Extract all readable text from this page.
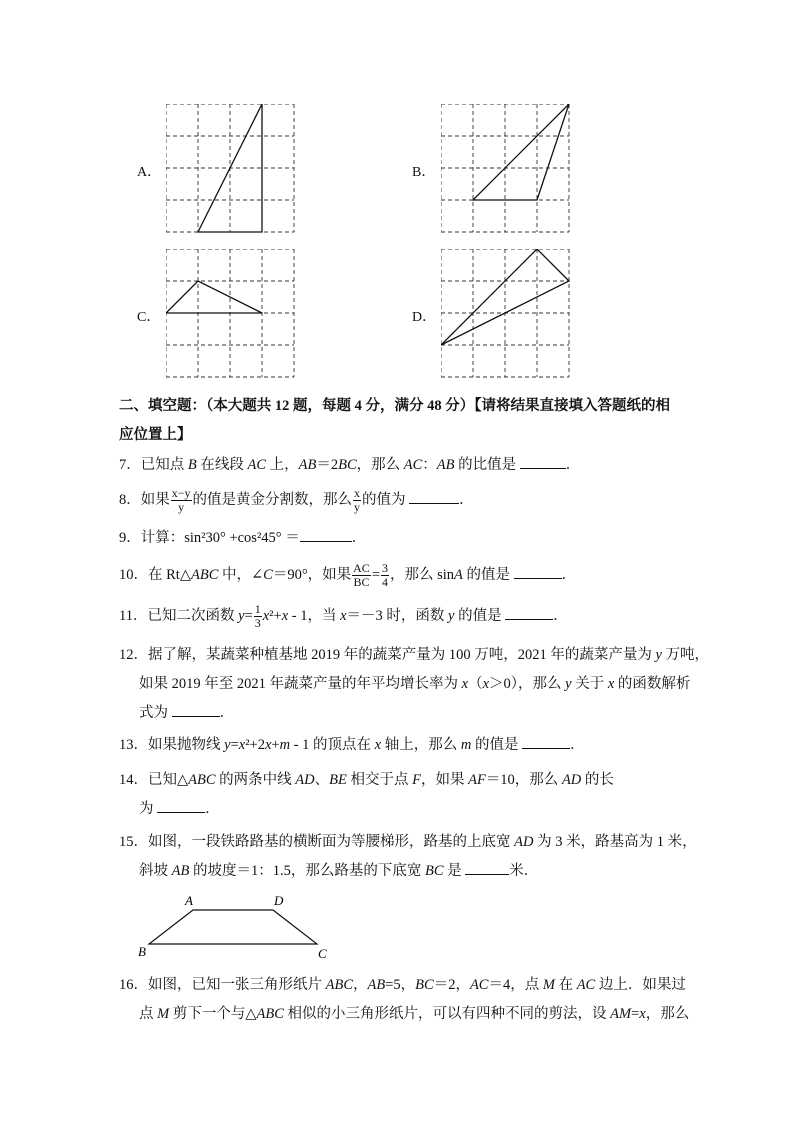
A．	B．
C．	D．
二、填空题：（本大题共 12 题，每题 4 分，满分 48 分）【请将结果直接填入答题纸的相应位置上】
7．已知点 B 在线段 AC 上，AB＝2BC，那么 AC：AB 的比值是	．
8．如果 $\frac{x-y}{y}$ 的值是黄金分割数，那么 $\frac{x}{y}$ 的值为	．
9．计算：sin²30° +cos²45° ＝	．
10．在 Rt△ABC 中，∠C＝90°，如果 $\frac{AC}{BC} = \frac{3}{4}$ ，那么 sinA 的值是	．
11．已知二次函数 $y= \frac{1}{3} x^2+x - 1$，当 x＝－3 时，函数 y 的值是	．
12．据了解，某蔬菜种植基地 2019 年的蔬菜产量为 100 万吨，2021 年的蔬菜产量为 y 万吨，
如果 2019 年至 2021 年蔬菜产量的年平均增长率为 x（x＞0），那么 y 关于 x 的函数解析
式为	．
13．如果抛物线 y=x²+2x+m - 1 的顶点在 x 轴上，那么 m 的值是	．
14．已知△ABC 的两条中线 AD、BE 相交于点 F，如果 AF＝10，那么 AD 的长
为	．
15．如图，一段铁路路基的横断面为等腰梯形，路基的上底宽 AD 为 3 米，路基高为 1 米，
斜坡 AB 的坡度＝1：1.5，那么路基的下底宽 BC 是	米．
A	D
B	C
16．如图，已知一张三角形纸片 ABC，AB=5，BC＝2，AC＝4，点 M 在 AC 边上．如果过
点 M 剪下一个与△ABC 相似的小三角形纸片，可以有四种不同的剪法，设 AM=x，那么
